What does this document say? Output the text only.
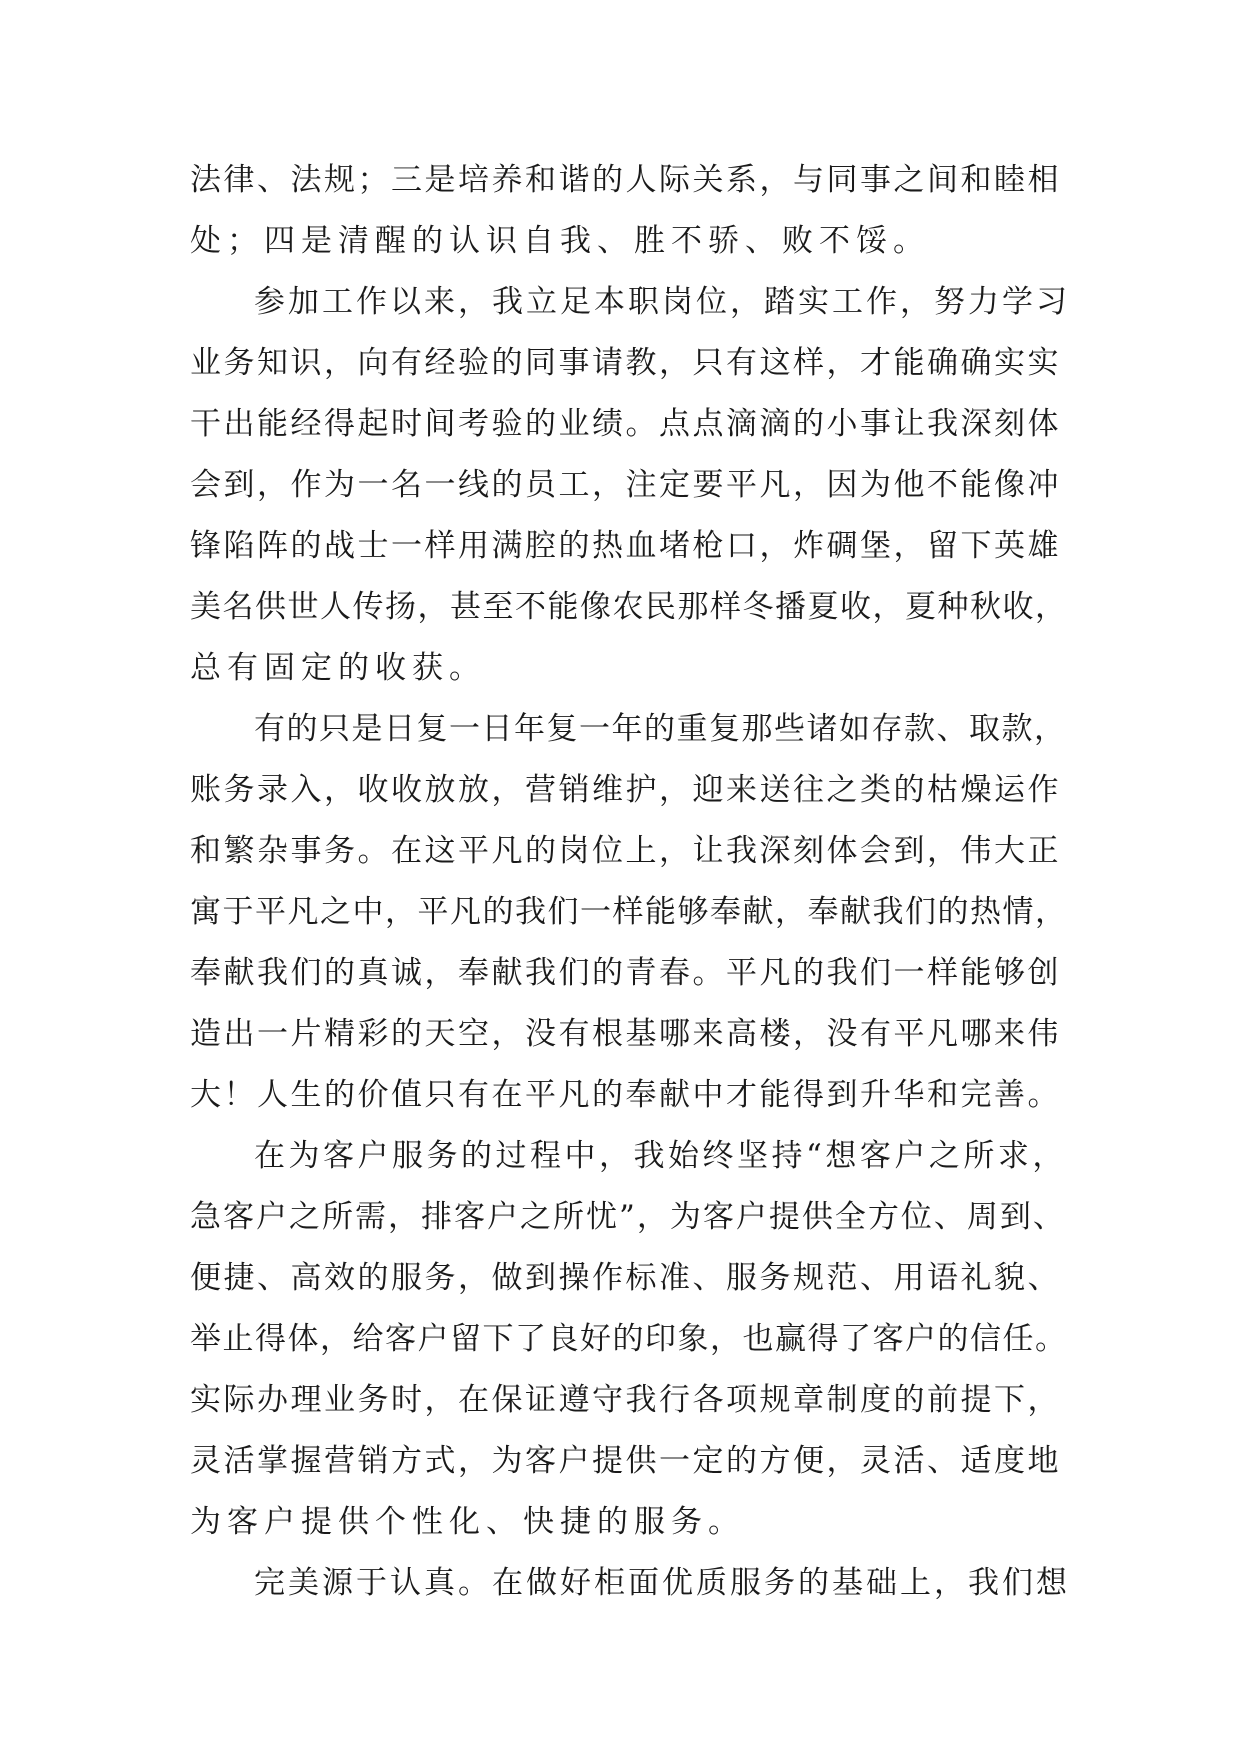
法律、法规；三是培养和谐的人际关系，与同事之间和睦相
处；四是清醒的认识自我、胜不骄、败不馁。
参加工作以来，我立足本职岗位，踏实工作，努力学习
业务知识，向有经验的同事请教，只有这样，才能确确实实
干出能经得起时间考验的业绩。点点滴滴的小事让我深刻体
会到，作为一名一线的员工，注定要平凡，因为他不能像冲
锋陷阵的战士一样用满腔的热血堵枪口，炸碉堡，留下英雄
美名供世人传扬，甚至不能像农民那样冬播夏收，夏种秋收，
总有固定的收获。
有的只是日复一日年复一年的重复那些诸如存款、取款，
账务录入，收收放放，营销维护，迎来送往之类的枯燥运作
和繁杂事务。在这平凡的岗位上，让我深刻体会到，伟大正
寓于平凡之中，平凡的我们一样能够奉献，奉献我们的热情，
奉献我们的真诚，奉献我们的青春。平凡的我们一样能够创
造出一片精彩的天空，没有根基哪来高楼，没有平凡哪来伟
大！人生的价值只有在平凡的奉献中才能得到升华和完善。
在为客户服务的过程中，我始终坚持“想客户之所求，
急客户之所需，排客户之所忧”，为客户提供全方位、周到、
便捷、高效的服务，做到操作标准、服务规范、用语礼貌、
举止得体，给客户留下了良好的印象，也赢得了客户的信任。
实际办理业务时，在保证遵守我行各项规章制度的前提下，
灵活掌握营销方式，为客户提供一定的方便，灵活、适度地
为客户提供个性化、快捷的服务。
完美源于认真。在做好柜面优质服务的基础上，我们想
